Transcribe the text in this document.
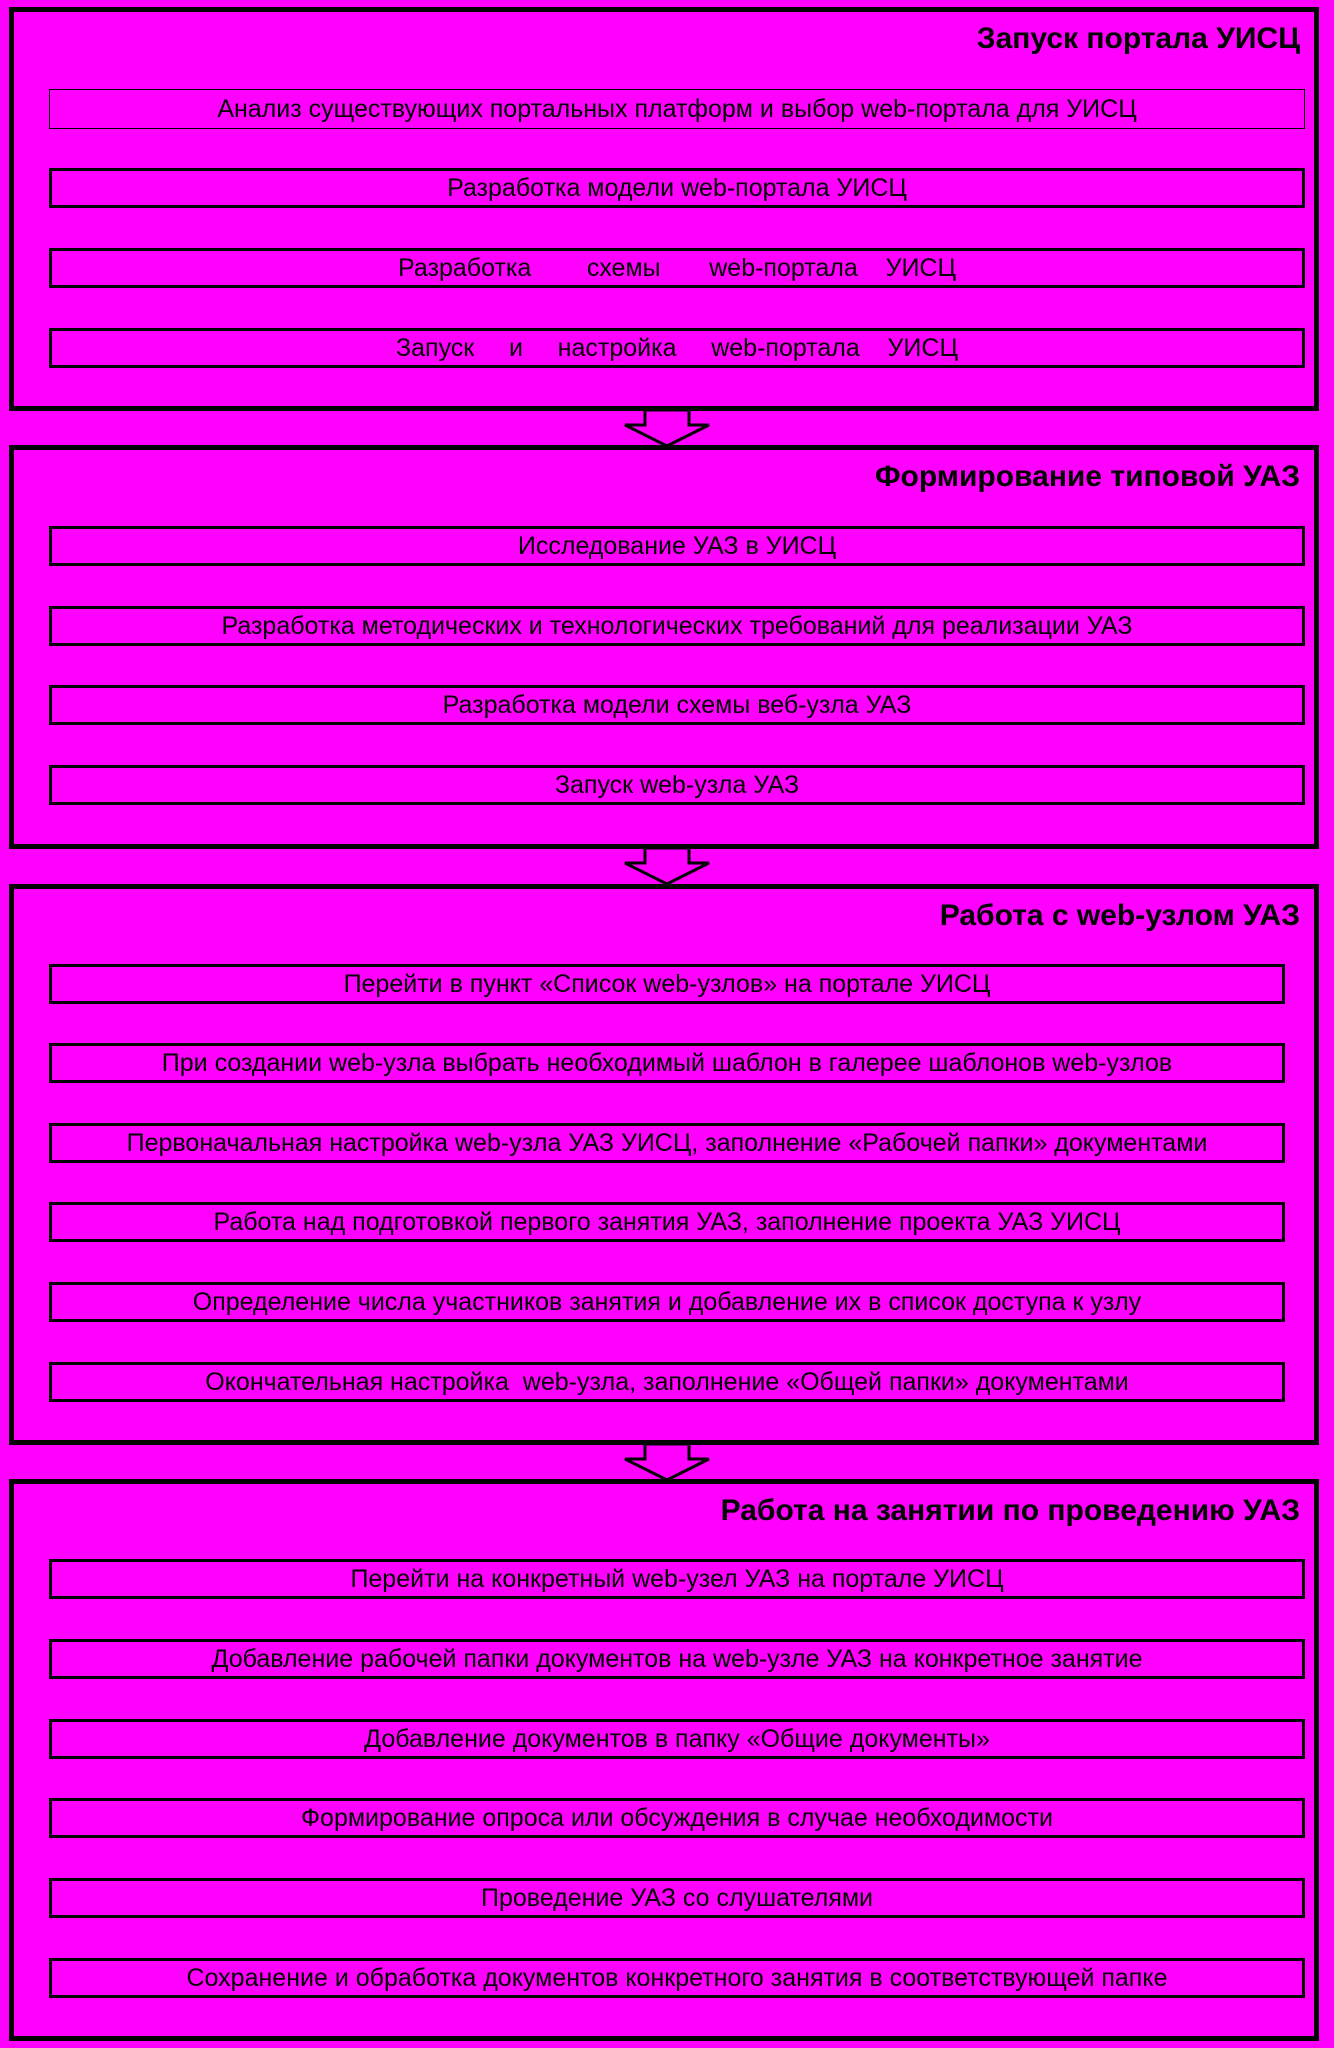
Запуск портала УИСЦ
Анализ существующих портальных платформ и выбор web-портала для УИСЦ
Разработка модели web-портала УИСЦ
Разработка        схемы       web-портала    УИСЦ
Запуск     и     настройка     web-портала    УИСЦ
Формирование типовой УАЗ
Исследование УАЗ в УИСЦ
Разработка методических и технологических требований для реализации УАЗ
Разработка модели схемы веб-узла УАЗ
Запуск web-узла УАЗ
Работа с web-узлом УАЗ
Перейти в пункт «Список web-узлов» на портале УИСЦ
При создании web-узла выбрать необходимый шаблон в галерее шаблонов web-узлов
Первоначальная настройка web-узла УАЗ УИСЦ, заполнение «Рабочей папки» документами
Работа над подготовкой первого занятия УАЗ, заполнение проекта УАЗ УИСЦ
Определение числа участников занятия и добавление их в список доступа к узлу
Окончательная настройка  web-узла, заполнение «Общей папки» документами
Работа на занятии по проведению УАЗ
Перейти на конкретный web-узел УАЗ на портале УИСЦ
Добавление рабочей папки документов на web-узле УАЗ на конкретное занятие
Добавление документов в папку «Общие документы»
Формирование опроса или обсуждения в случае необходимости
Проведение УАЗ со слушателями
Сохранение и обработка документов конкретного занятия в соответствующей папке
